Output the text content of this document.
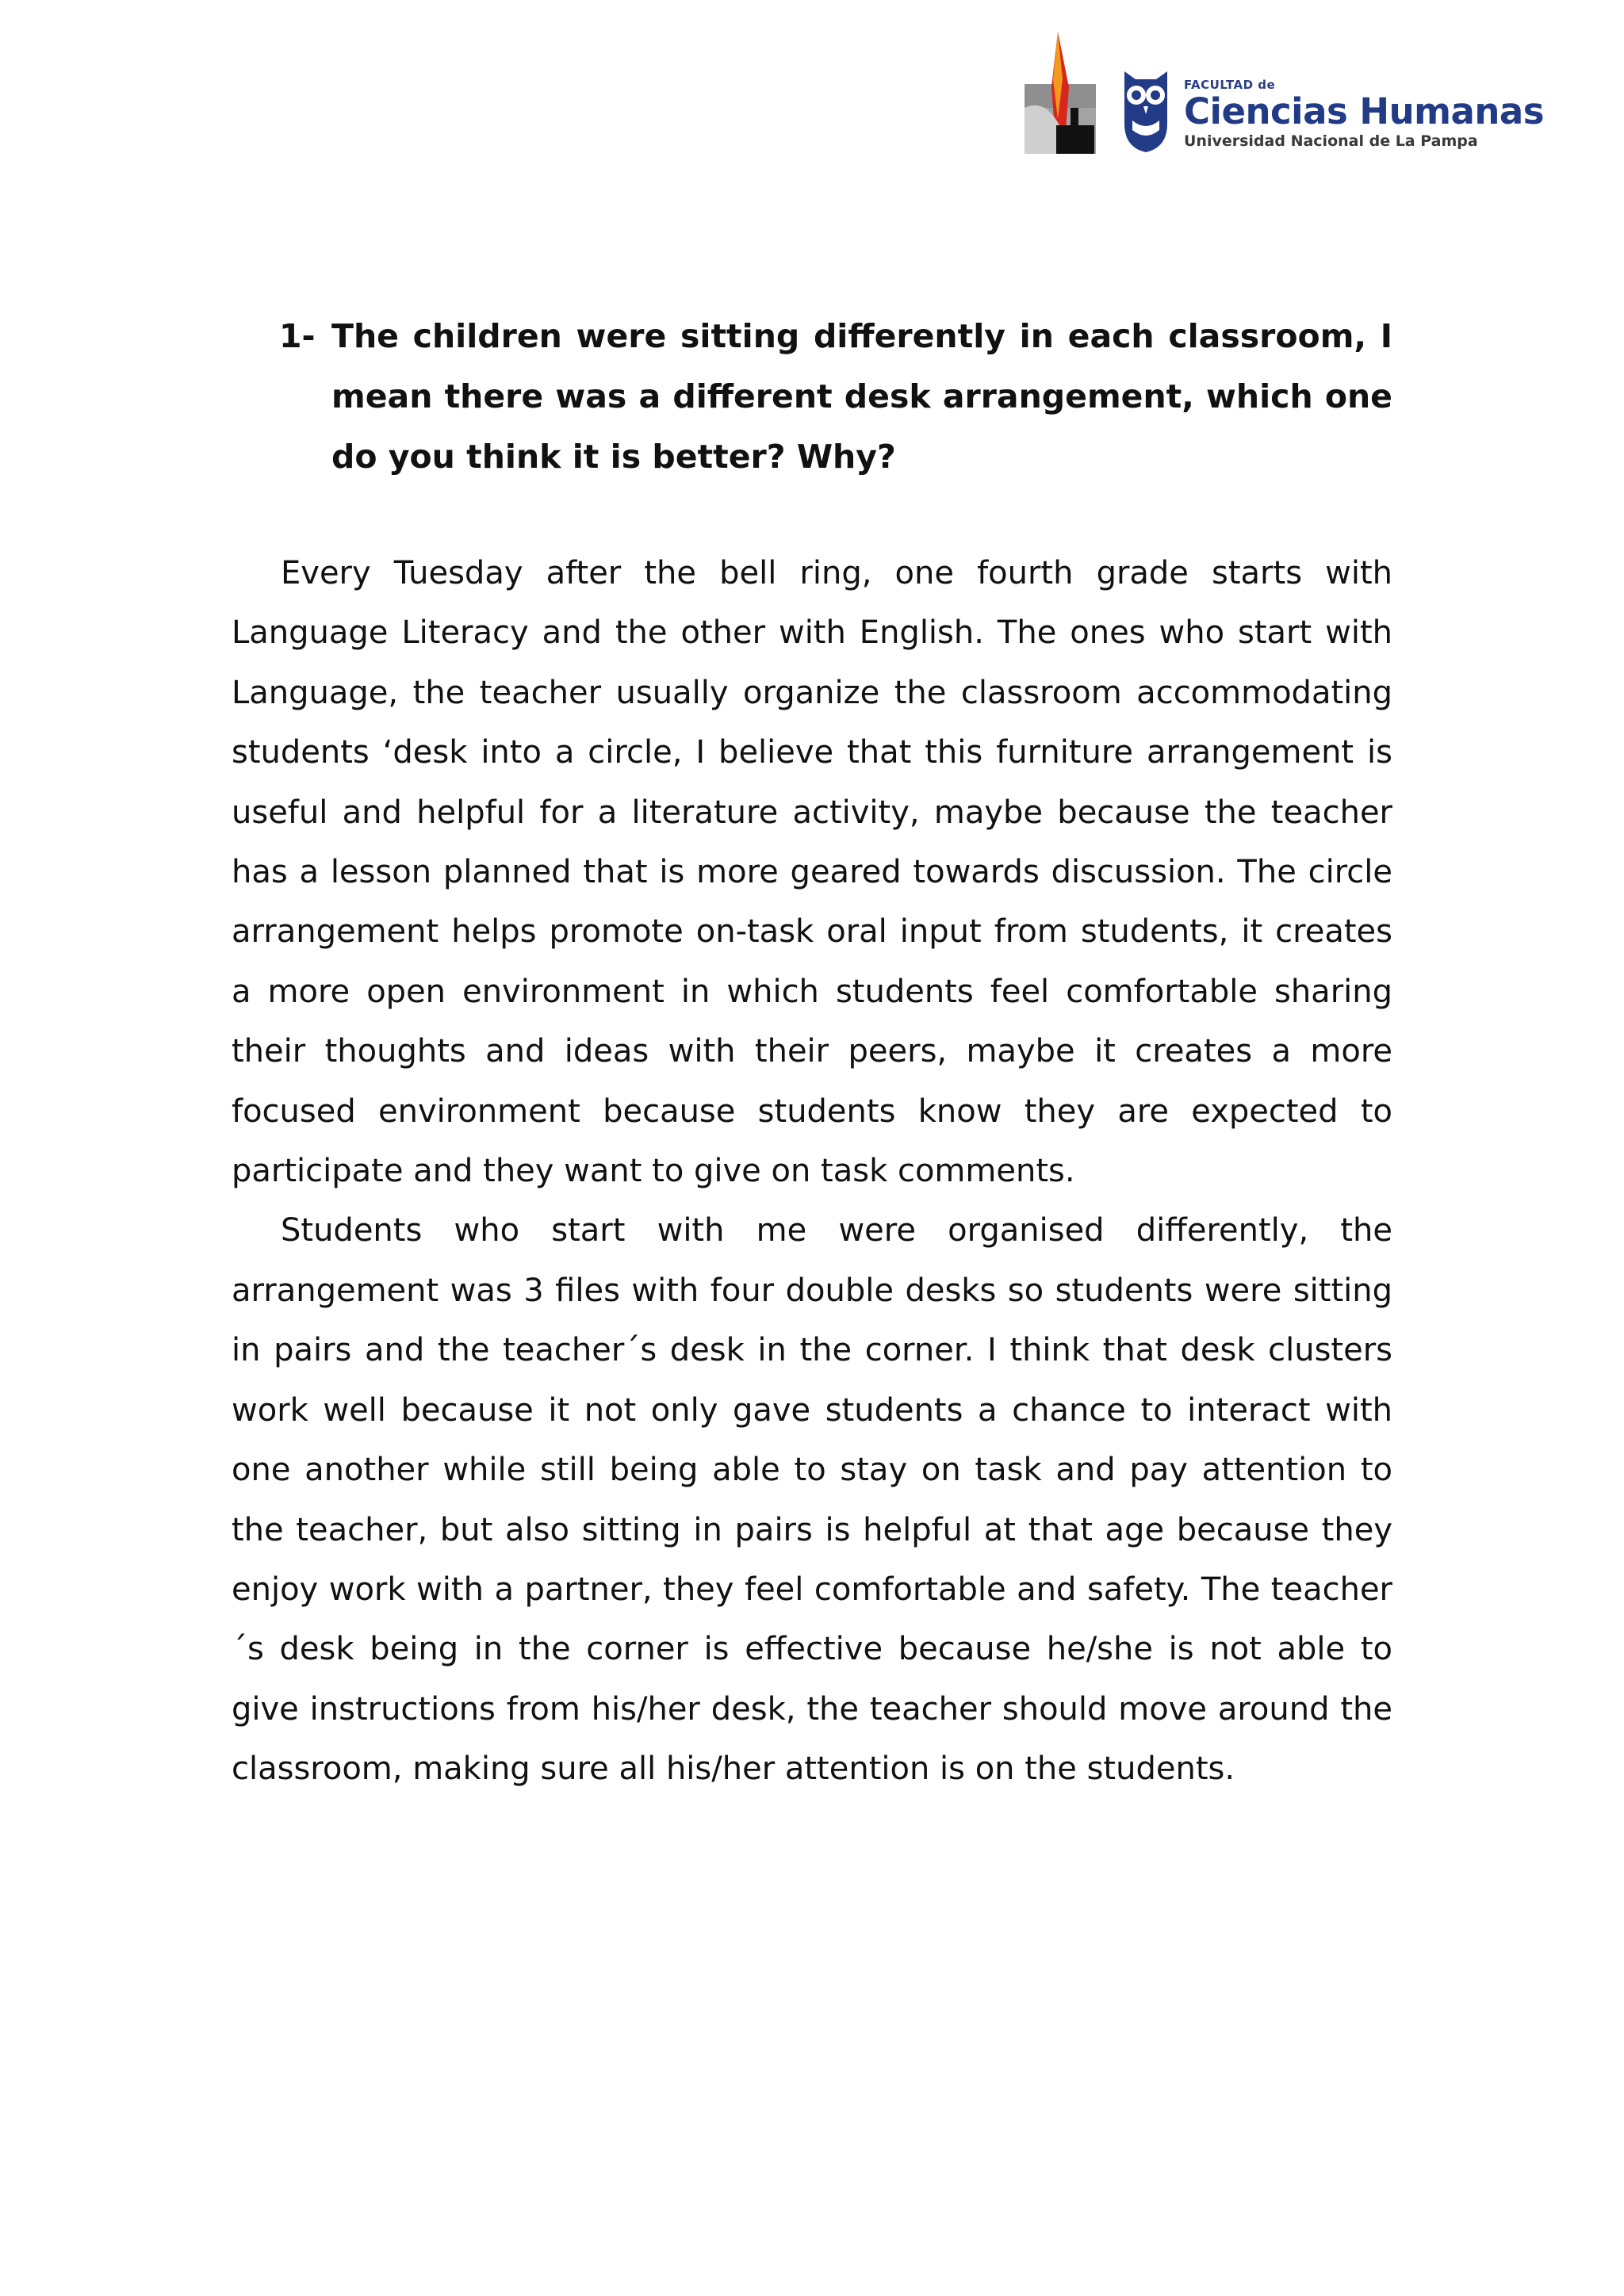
FACULTAD de
Ciencias Humanas
Universidad Nacional de La Pampa
1- The children were sitting differently in each classroom, I mean there was a different desk arrangement, which one do you think it is better? Why?

Every Tuesday after the bell ring, one fourth grade starts with Language Literacy and the other with English. The ones who start with Language, the teacher usually organize the classroom accommodating students ‘desk into a circle, I believe that this furniture arrangement is useful and helpful for a literature activity, maybe because the teacher has a lesson planned that is more geared towards discussion. The circle arrangement helps promote on-task oral input from students, it creates a more open environment in which students feel comfortable sharing their thoughts and ideas with their peers, maybe it creates a more focused environment because students know they are expected to participate and they want to give on task comments.

Students who start with me were organised differently, the arrangement was 3 files with four double desks so students were sitting in pairs and the teacher´s desk in the corner. I think that desk clusters work well because it not only gave students a chance to interact with one another while still being able to stay on task and pay attention to the teacher, but also sitting in pairs is helpful at that age because they enjoy work with a partner, they feel comfortable and safety. The teacher´s desk being in the corner is effective because he/she is not able to give instructions from his/her desk, the teacher should move around the classroom, making sure all his/her attention is on the students.
